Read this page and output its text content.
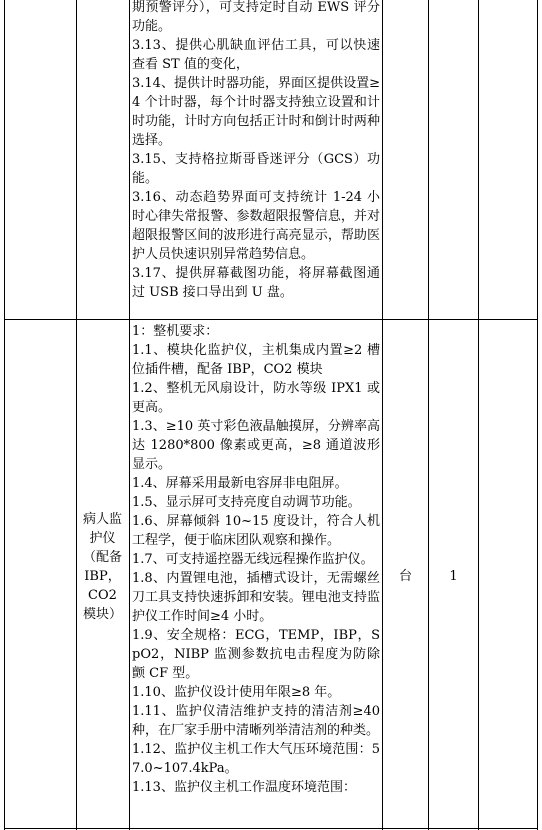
期预警评分），可支持定时自动 EWS 评分功能。

3.13、提供心肌缺血评估工具，可以快速查看 ST 值的变化，

3.14、提供计时器功能，界面区提供设置≥4 个计时器，每个计时器支持独立设置和计时功能，计时方向包括正计时和倒计时两种选择。

3.15、支持格拉斯哥昏迷评分（GCS）功能。

3.16、动态趋势界面可支持统计 1-24 小时心律失常报警、参数超限报警信息，并对超限报警区间的波形进行高亮显示，帮助医护人员快速识别异常趋势信息。

3.17、提供屏幕截图功能，将屏幕截图通过 USB 接口导出到 U 盘。

病人监护仪（配备 IBP，CO2 模块）
台	1

1：整机要求：

1.1、模块化监护仪，主机集成内置≥2 槽位插件槽，配备 IBP，CO2 模块

1.2、整机无风扇设计，防水等级 IPX1 或更高。

1.3、≥10 英寸彩色液晶触摸屏，分辨率高达 1280*800 像素或更高，≥8 通道波形显示。

1.4、屏幕采用最新电容屏非电阻屏。

1.5、显示屏可支持亮度自动调节功能。

1.6、屏幕倾斜 10~15 度设计，符合人机工程学，便于临床团队观察和操作。

1.7、可支持遥控器无线远程操作监护仪。

1.8、内置锂电池，插槽式设计，无需螺丝刀工具支持快速拆卸和安装。锂电池支持监护仪工作时间≥4 小时。

1.9、安全规格：ECG，TEMP，IBP，SpO2，NIBP 监测参数抗电击程度为防除颤 CF 型。

1.10、监护仪设计使用年限≥8 年。

1.11、监护仪清洁维护支持的清洁剂≥40 种，在厂家手册中清晰列举清洁剂的种类。

1.12、监护仪主机工作大气压环境范围：57.0~107.4kPa。

1.13、监护仪主机工作温度环境范围：
